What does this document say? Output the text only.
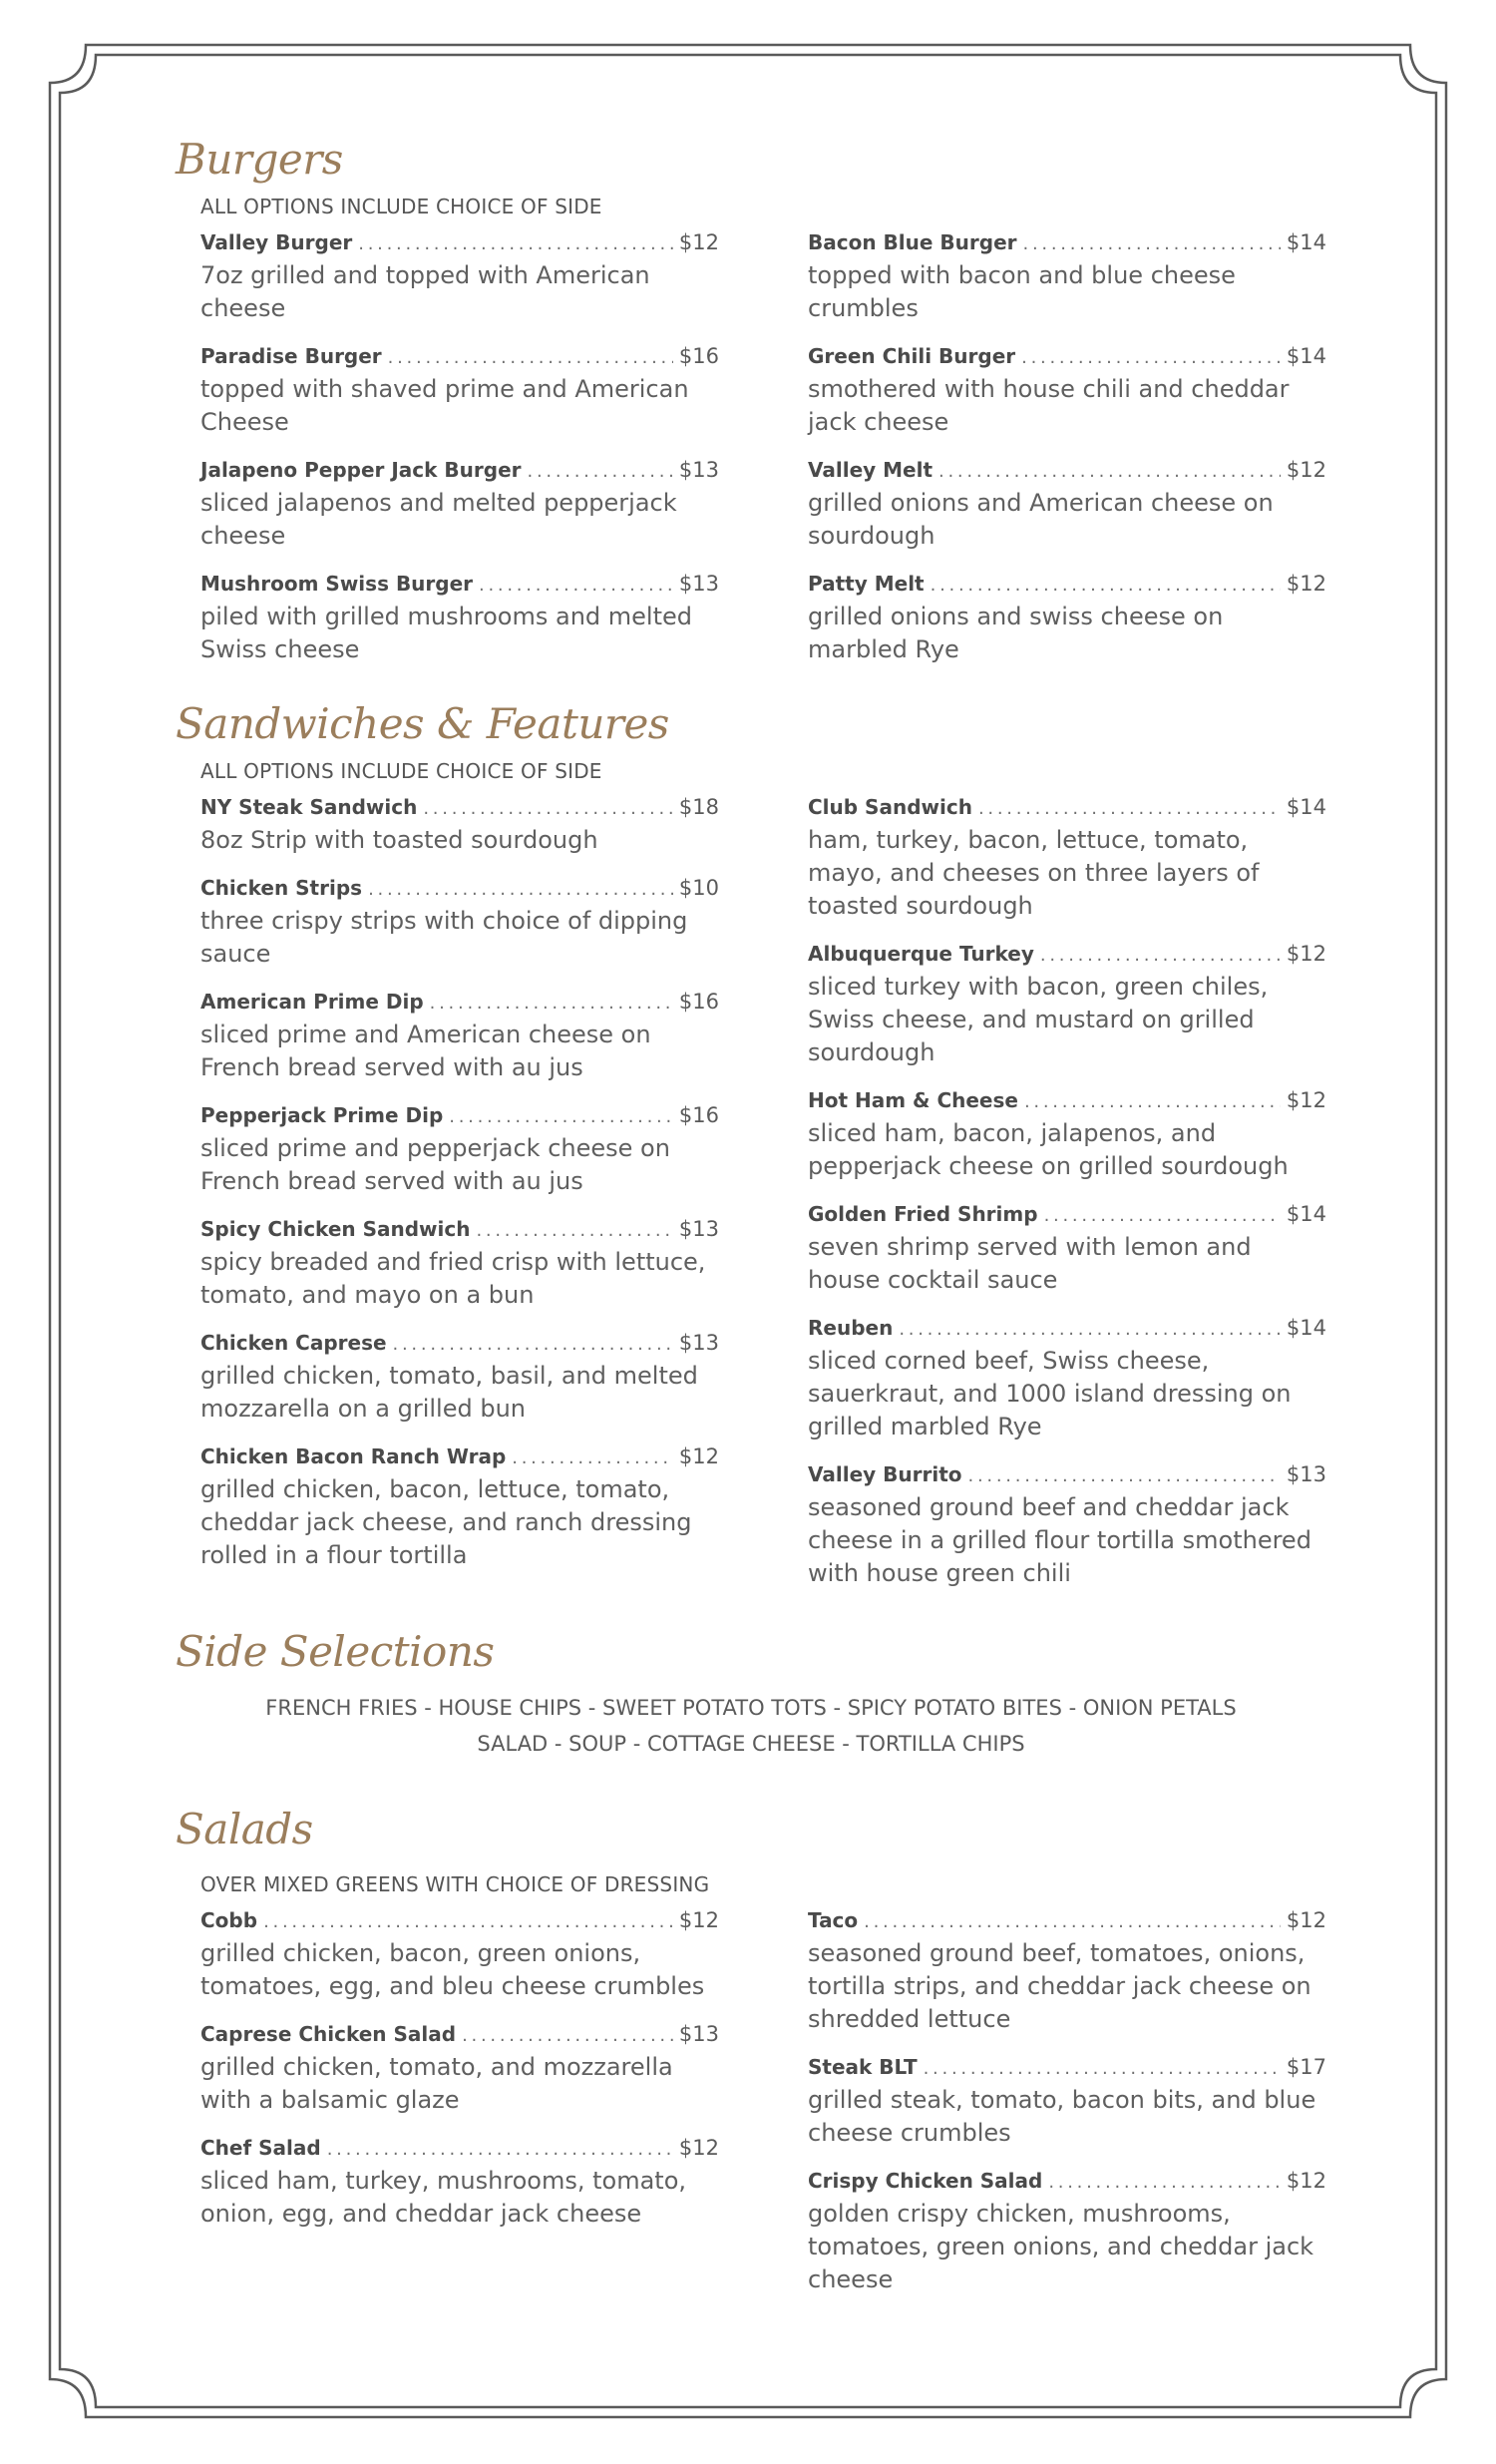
Burgers
ALL OPTIONS INCLUDE CHOICE OF SIDE
Valley Burger . . .	$12
7oz grilled and topped with American cheese
Paradise Burger . . .	$16
topped with shaved prime and American Cheese
Jalapeno Pepper Jack Burger . . .	$13
sliced jalapenos and melted pepperjack cheese
Mushroom Swiss Burger . . .	$13
piled with grilled mushrooms and melted Swiss cheese
Bacon Blue Burger . . .	$14
topped with bacon and blue cheese crumbles
Green Chili Burger . . .	$14
smothered with house chili and cheddar jack cheese
Valley Melt . . .	$12
grilled onions and American cheese on sourdough
Patty Melt . . .	$12
grilled onions and swiss cheese on marbled Rye
Sandwiches & Features
ALL OPTIONS INCLUDE CHOICE OF SIDE
NY Steak Sandwich . . .	$18
8oz Strip with toasted sourdough
Chicken Strips . . .	$10
three crispy strips with choice of dipping sauce
American Prime Dip . . .	$16
sliced prime and American cheese on French bread served with au jus
Pepperjack Prime Dip . . .	$16
sliced prime and pepperjack cheese on French bread served with au jus
Spicy Chicken Sandwich . . .	$13
spicy breaded and fried crisp with lettuce, tomato, and mayo on a bun
Chicken Caprese . . .	$13
grilled chicken, tomato, basil, and melted mozzarella on a grilled bun
Chicken Bacon Ranch Wrap . . .	$12
grilled chicken, bacon, lettuce, tomato, cheddar jack cheese, and ranch dressing rolled in a flour tortilla
Club Sandwich . . .	$14
ham, turkey, bacon, lettuce, tomato, mayo, and cheeses on three layers of toasted sourdough
Albuquerque Turkey . . .	$12
sliced turkey with bacon, green chiles, Swiss cheese, and mustard on grilled sourdough
Hot Ham & Cheese . . .	$12
sliced ham, bacon, jalapenos, and pepperjack cheese on grilled sourdough
Golden Fried Shrimp . . .	$14
seven shrimp served with lemon and house cocktail sauce
Reuben . . .	$14
sliced corned beef, Swiss cheese, sauerkraut, and 1000 island dressing on grilled marbled Rye
Valley Burrito . . .	$13
seasoned ground beef and cheddar jack cheese in a grilled flour tortilla smothered with house green chili
Side Selections
FRENCH FRIES - HOUSE CHIPS - SWEET POTATO TOTS - SPICY POTATO BITES - ONION PETALS
SALAD - SOUP - COTTAGE CHEESE - TORTILLA CHIPS
Salads
OVER MIXED GREENS WITH CHOICE OF DRESSING
Cobb . . .	$12
grilled chicken, bacon, green onions, tomatoes, egg, and bleu cheese crumbles
Caprese Chicken Salad . . .	$13
grilled chicken, tomato, and mozzarella with a balsamic glaze
Chef Salad . . .	$12
sliced ham, turkey, mushrooms, tomato, onion, egg, and cheddar jack cheese
Taco . . .	$12
seasoned ground beef, tomatoes, onions, tortilla strips, and cheddar jack cheese on shredded lettuce
Steak BLT . . .	$17
grilled steak, tomato, bacon bits, and blue cheese crumbles
Crispy Chicken Salad . . .	$12
golden crispy chicken, mushrooms, tomatoes, green onions, and cheddar jack cheese
